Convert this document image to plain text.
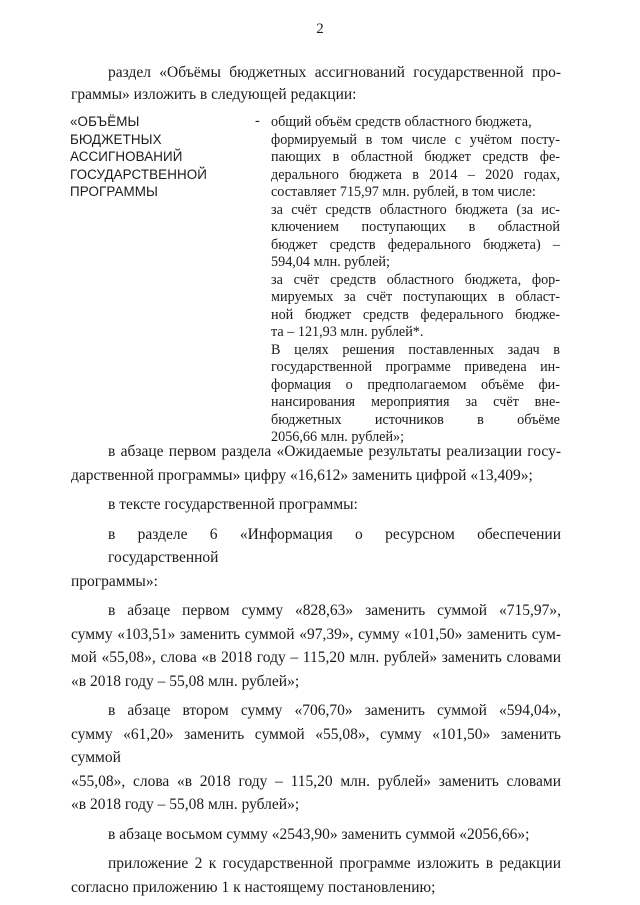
2
раздел «Объёмы бюджетных ассигнований государственной про-
граммы» изложить в следующей редакции:
«ОБЪЁМЫ
БЮДЖЕТНЫХ
АССИГНОВАНИЙ
ГОСУДАРСТВЕННОЙ
ПРОГРАММЫ
- общий объём средств областного бюджета,
формируемый в том числе с учётом посту-
пающих в областной бюджет средств фе-
дерального бюджета в 2014 – 2020 годах,
составляет 715,97 млн. рублей, в том числе:
за счёт средств областного бюджета (за ис-
ключением поступающих в областной
бюджет средств федерального бюджета) –
594,04 млн. рублей;
за счёт средств областного бюджета, фор-
мируемых за счёт поступающих в област-
ной бюджет средств федерального бюдже-
та – 121,93 млн. рублей*.
В целях решения поставленных задач в
государственной программе приведена ин-
формация о предполагаемом объёме фи-
нансирования мероприятия за счёт вне-
бюджетных источников в объёме
2056,66 млн. рублей»;
в абзаце первом раздела «Ожидаемые результаты реализации госу-
дарственной программы» цифру «16,612» заменить цифрой «13,409»;
в тексте государственной программы:
в разделе 6 «Информация о ресурсном обеспечении государственной
программы»:
в абзаце первом сумму «828,63» заменить суммой «715,97»,
сумму «103,51» заменить суммой «97,39», сумму «101,50» заменить сум-
мой «55,08», слова «в 2018 году – 115,20 млн. рублей» заменить словами
«в 2018 году – 55,08 млн. рублей»;
в абзаце втором сумму «706,70» заменить суммой «594,04»,
сумму «61,20» заменить суммой «55,08», сумму «101,50» заменить суммой
«55,08», слова «в 2018 году – 115,20 млн. рублей» заменить словами
«в 2018 году – 55,08 млн. рублей»;
в абзаце восьмом сумму «2543,90» заменить суммой «2056,66»;
приложение 2 к государственной программе изложить в редакции
согласно приложению 1 к настоящему постановлению;
